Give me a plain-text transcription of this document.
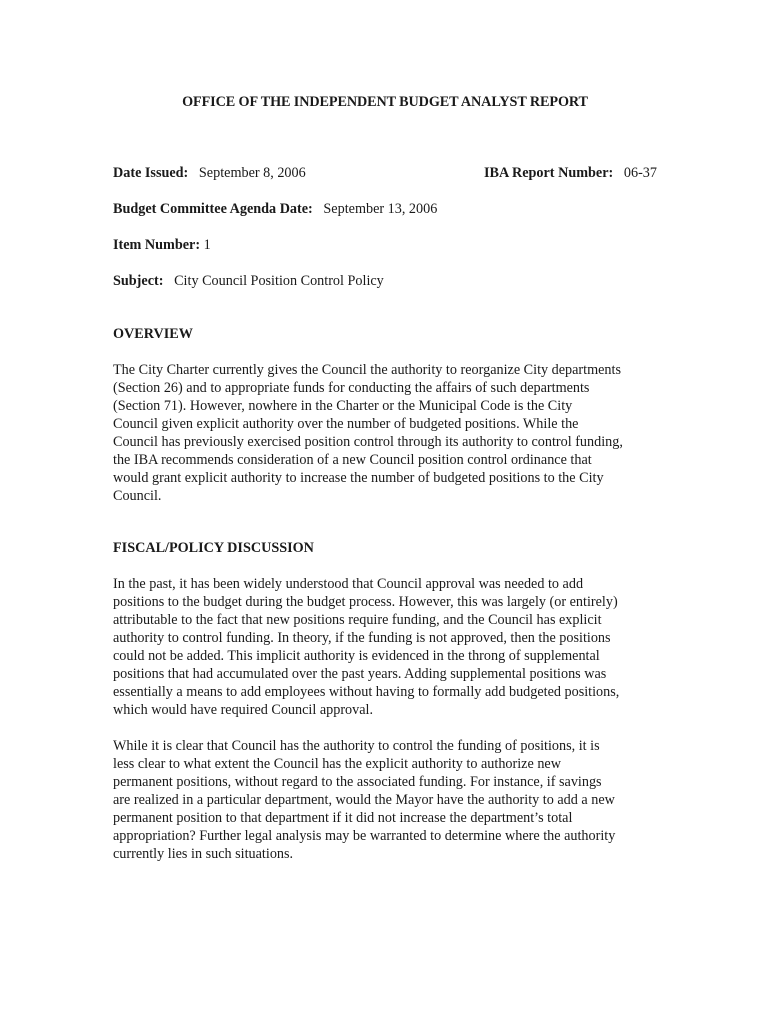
OFFICE OF THE INDEPENDENT BUDGET ANALYST REPORT
Date Issued: September 8, 2006	IBA Report Number: 06-37
Budget Committee Agenda Date: September 13, 2006
Item Number: 1
Subject: City Council Position Control Policy
OVERVIEW
The City Charter currently gives the Council the authority to reorganize City departments
(Section 26) and to appropriate funds for conducting the affairs of such departments
(Section 71). However, nowhere in the Charter or the Municipal Code is the City
Council given explicit authority over the number of budgeted positions. While the
Council has previously exercised position control through its authority to control funding,
the IBA recommends consideration of a new Council position control ordinance that
would grant explicit authority to increase the number of budgeted positions to the City
Council.
FISCAL/POLICY DISCUSSION
In the past, it has been widely understood that Council approval was needed to add
positions to the budget during the budget process. However, this was largely (or entirely)
attributable to the fact that new positions require funding, and the Council has explicit
authority to control funding. In theory, if the funding is not approved, then the positions
could not be added. This implicit authority is evidenced in the throng of supplemental
positions that had accumulated over the past years. Adding supplemental positions was
essentially a means to add employees without having to formally add budgeted positions,
which would have required Council approval.
While it is clear that Council has the authority to control the funding of positions, it is
less clear to what extent the Council has the explicit authority to authorize new
permanent positions, without regard to the associated funding. For instance, if savings
are realized in a particular department, would the Mayor have the authority to add a new
permanent position to that department if it did not increase the department’s total
appropriation? Further legal analysis may be warranted to determine where the authority
currently lies in such situations.
